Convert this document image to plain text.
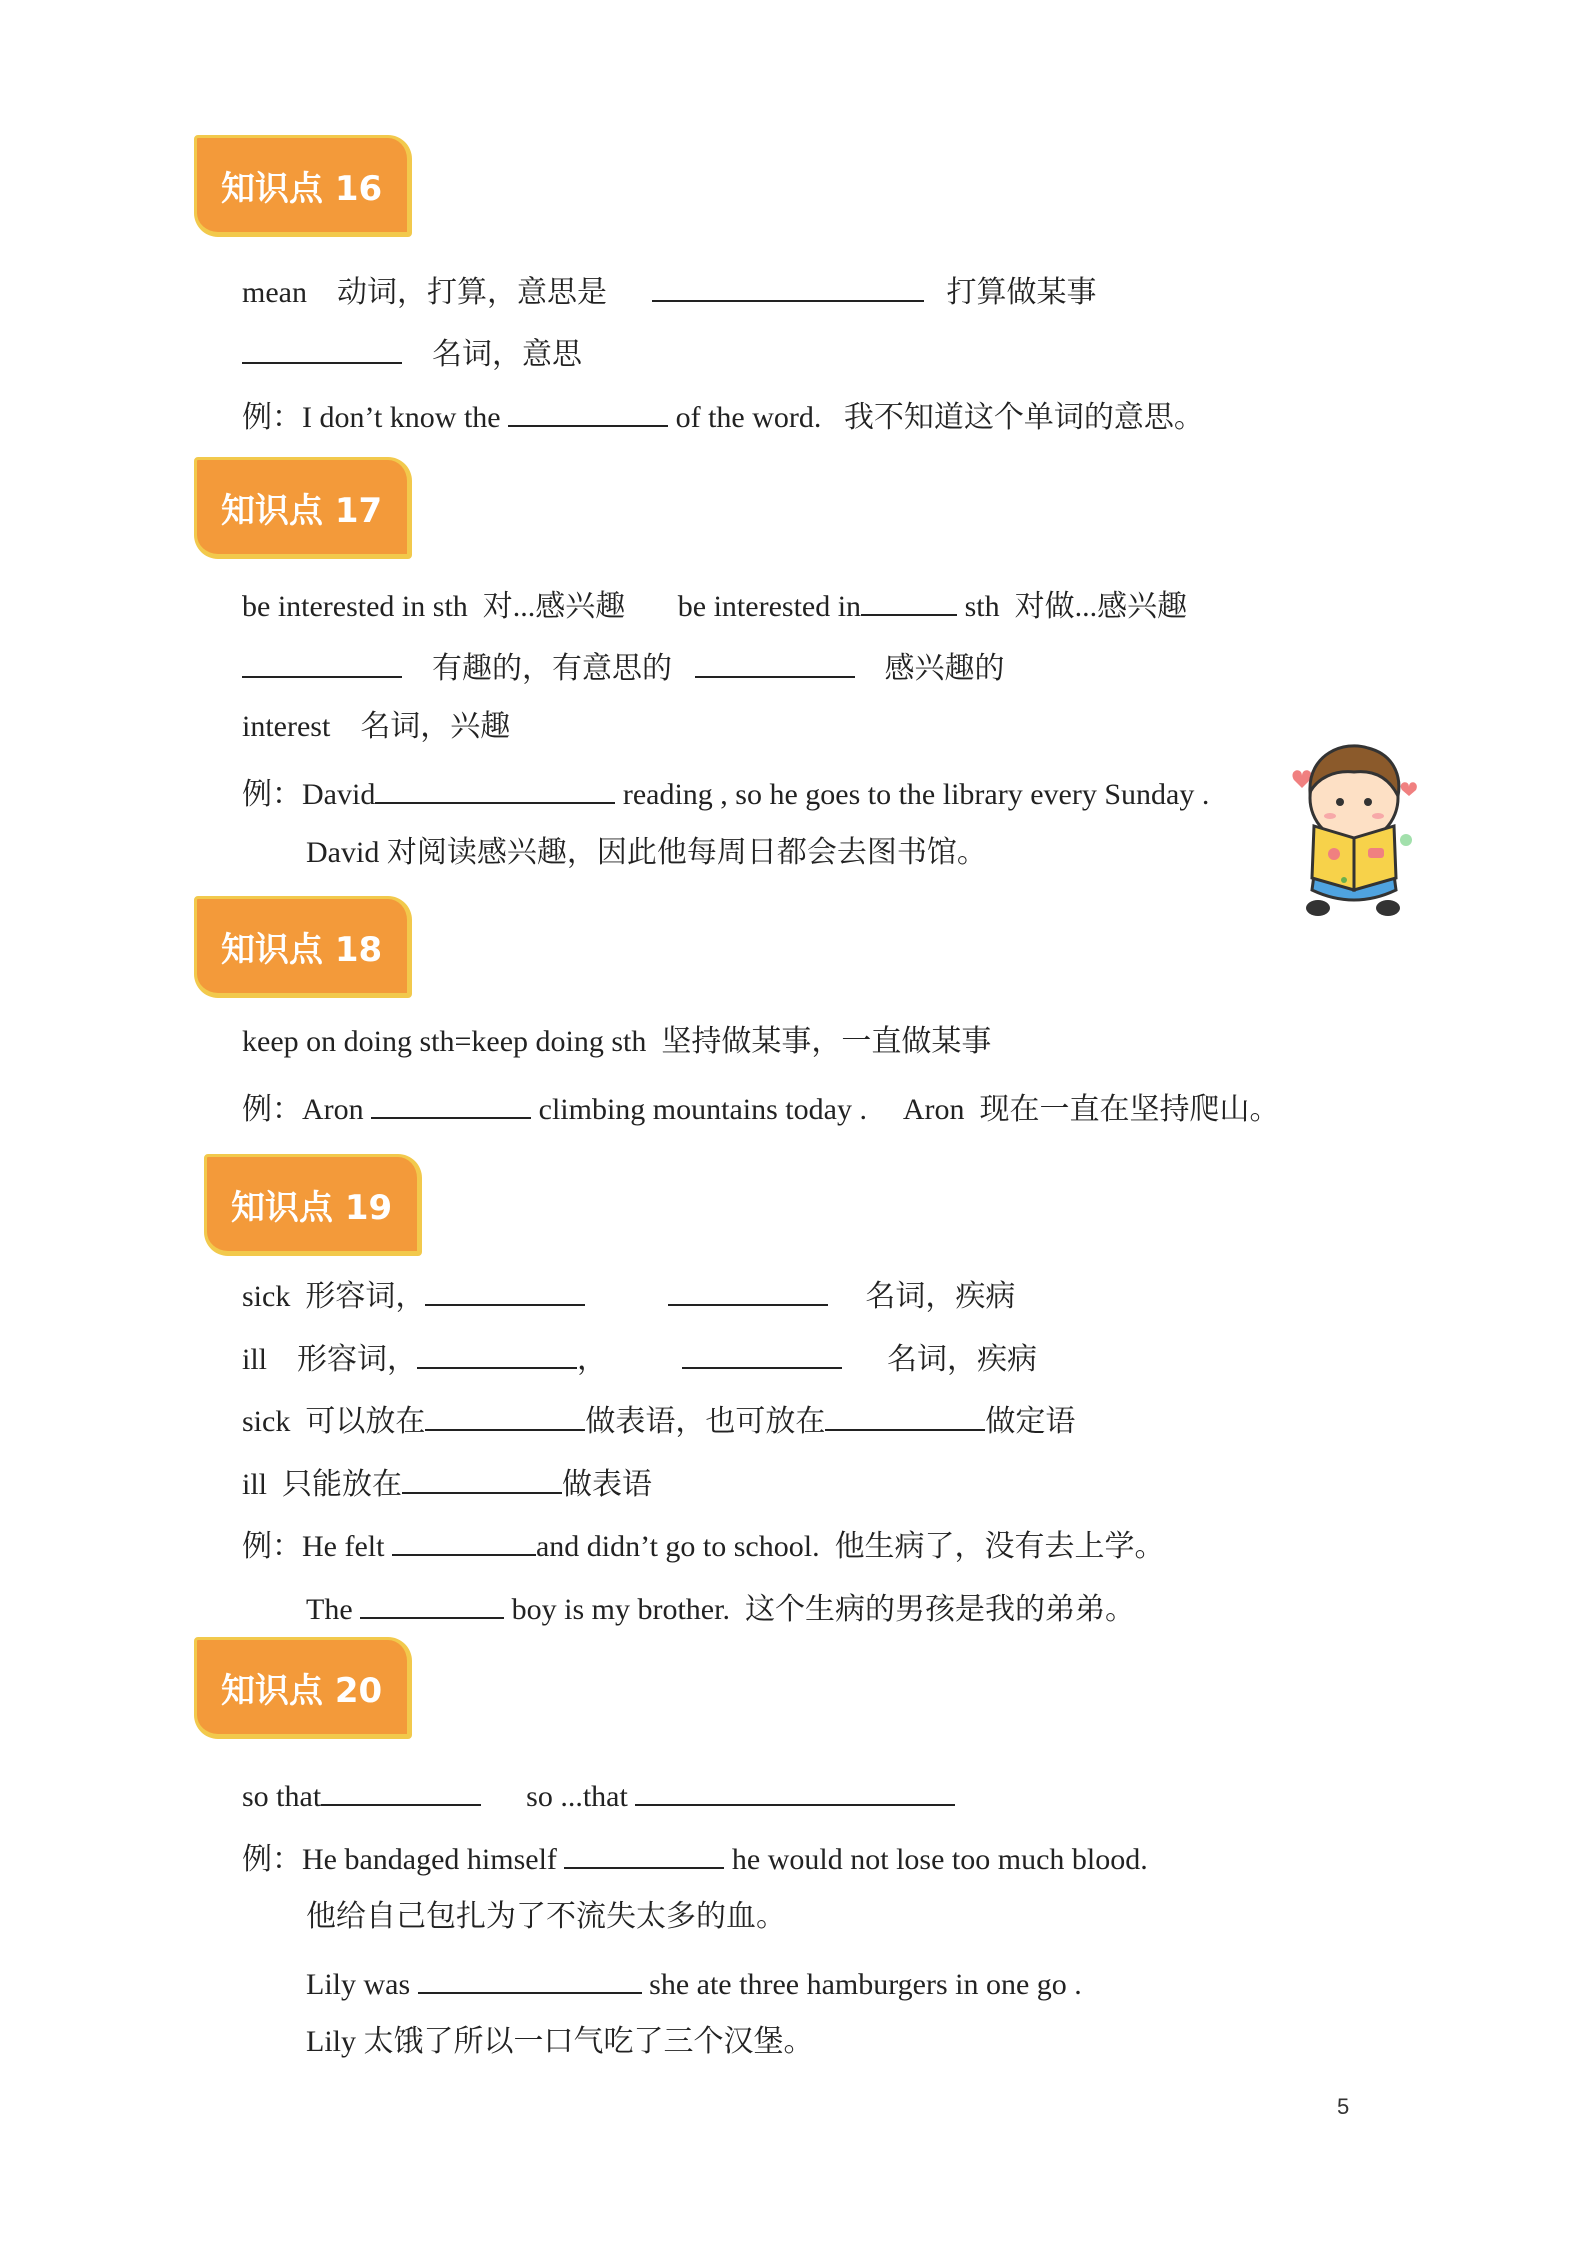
知识点 16
mean 动词，打算，意思是	打算做某事
名词，意思
例：I don’t know the	of the word. 我不知道这个单词的意思。
知识点 17
be interested in sth  对...感兴趣 be interested in	sth  对做...感兴趣
有趣的，有意思的	感兴趣的
interest 名词，兴趣
例：David	reading , so he goes to the library every Sunday .
David 对阅读感兴趣，因此他每周日都会去图书馆。
知识点 18
keep on doing sth=keep doing sth  坚持做某事，一直做某事
例：Aron	climbing mountains today . Aron  现在一直在坚持爬山。
知识点 19
sick  形容词，	名词，疾病
ill 形容词，	，	名词，疾病
sick  可以放在	做表语，也可放在	做定语
ill  只能放在	做表语
例：He felt	and didn’t go to school.  他生病了，没有去上学。
The	boy is my brother.  这个生病的男孩是我的弟弟。
知识点 20
so that	so ...that
例：He bandaged himself	he would not lose too much blood.
他给自己包扎为了不流失太多的血。
Lily was	she ate three hamburgers in one go .
Lily 太饿了所以一口气吃了三个汉堡。
5
